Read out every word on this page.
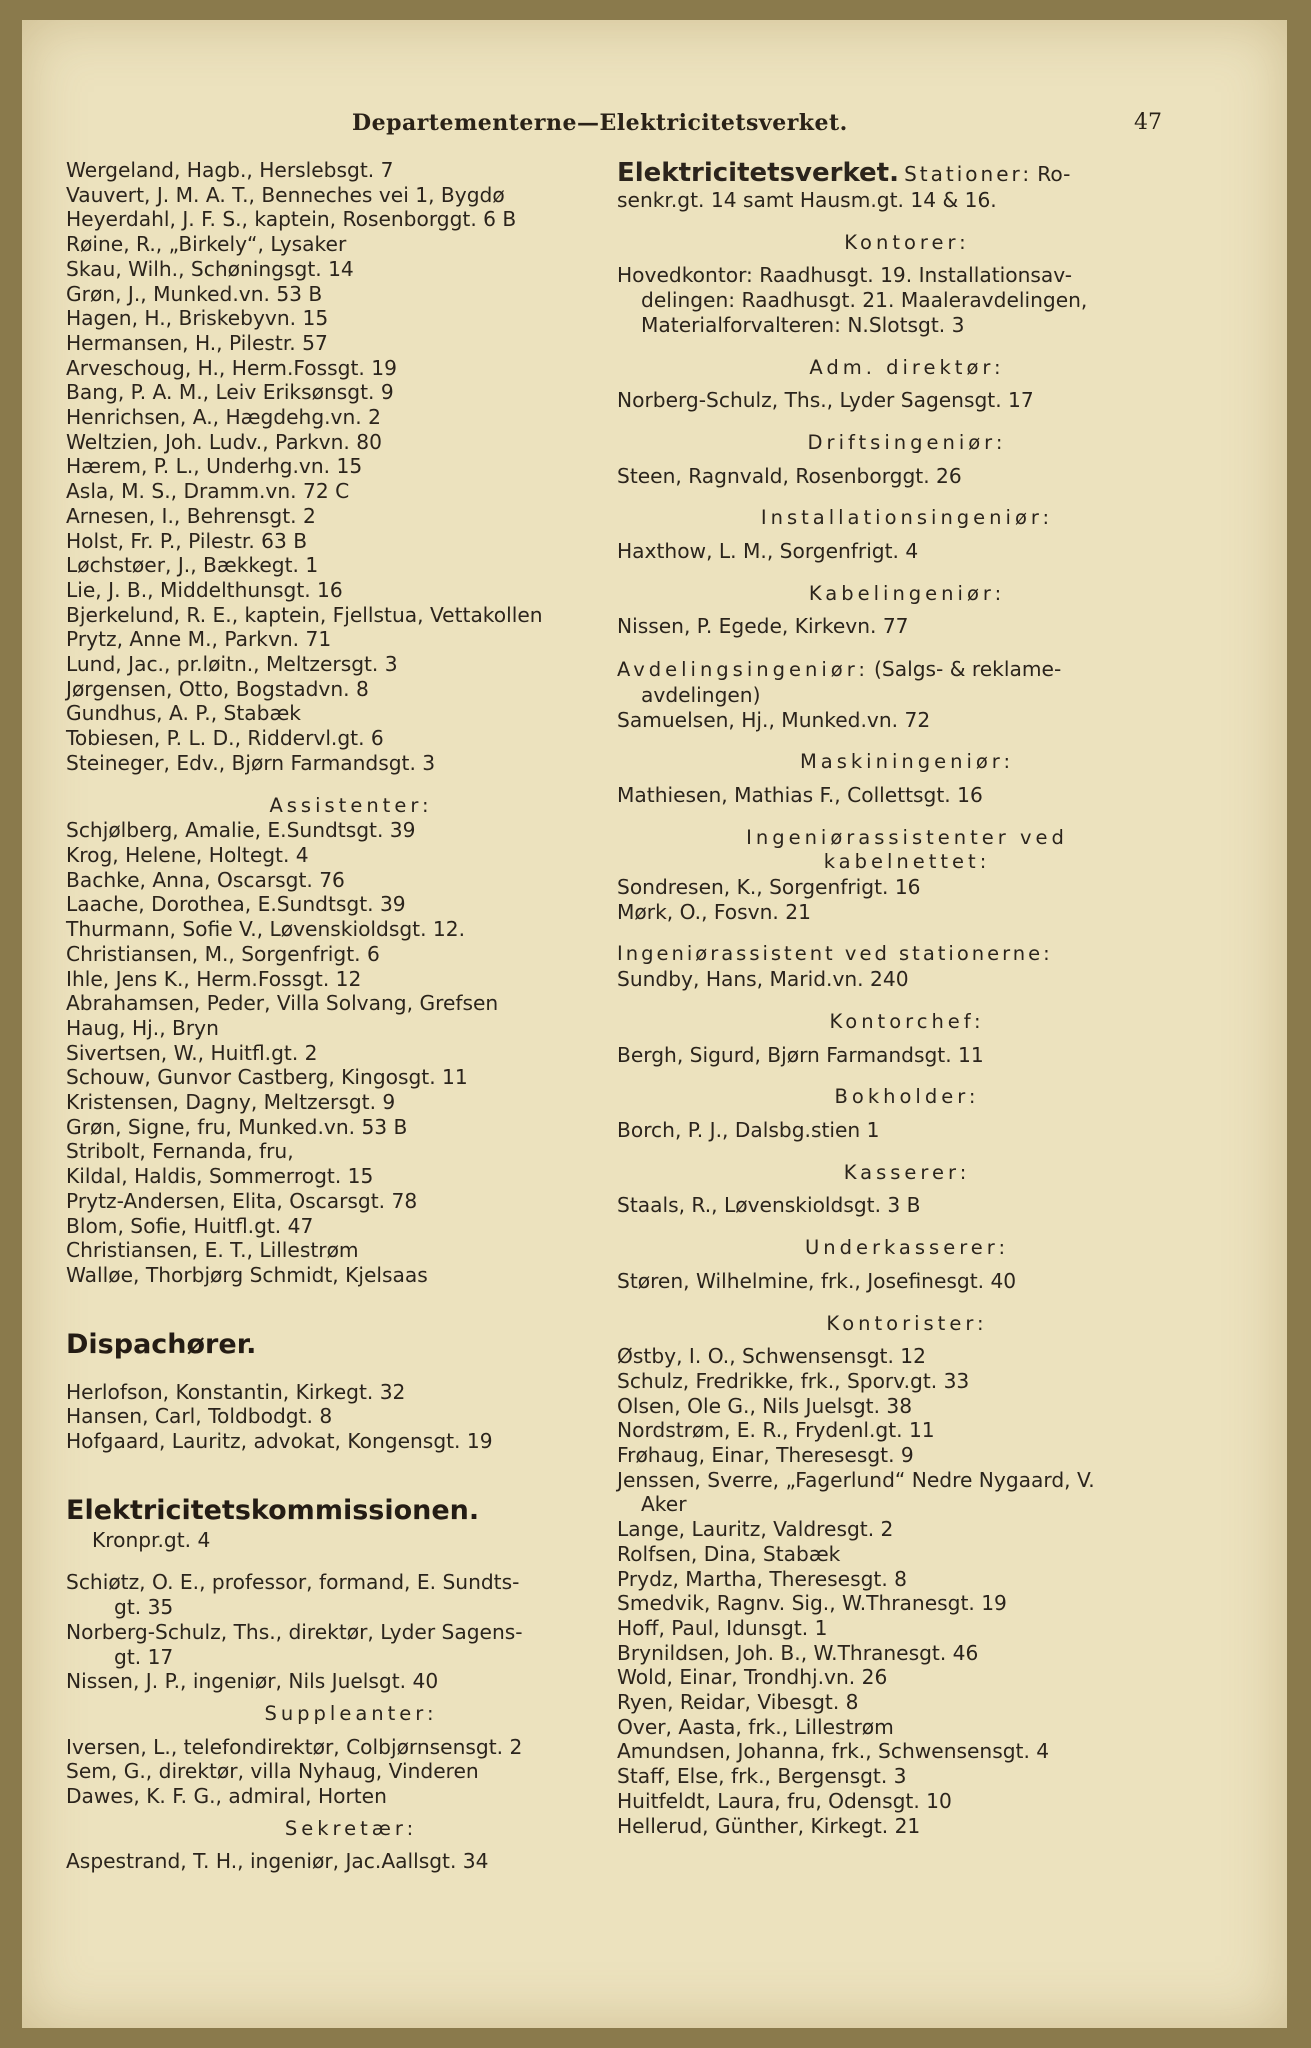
Departementerne—Elektricitetsverket.	47
Wergeland, Hagb., Herslebsgt. 7
Vauvert, J. M. A. T., Benneches vei 1, Bygdø
Heyerdahl, J. F. S., kaptein, Rosenborggt. 6 B
Røine, R., „Birkely“, Lysaker
Skau, Wilh., Schøningsgt. 14
Grøn, J., Munked.vn. 53 B
Hagen, H., Briskebyvn. 15
Hermansen, H., Pilestr. 57
Arveschoug, H., Herm.Fossgt. 19
Bang, P. A. M., Leiv Eriksønsgt. 9
Henrichsen, A., Hægdehg.vn. 2
Weltzien, Joh. Ludv., Parkvn. 80
Hærem, P. L., Underhg.vn. 15
Asla, M. S., Dramm.vn. 72 C
Arnesen, I., Behrensgt. 2
Holst, Fr. P., Pilestr. 63 B
Løchstøer, J., Bækkegt. 1
Lie, J. B., Middelthunsgt. 16
Bjerkelund, R. E., kaptein, Fjellstua, Vettakollen
Prytz, Anne M., Parkvn. 71
Lund, Jac., pr.løitn., Meltzersgt. 3
Jørgensen, Otto, Bogstadvn. 8
Gundhus, A. P., Stabæk
Tobiesen, P. L. D., Riddervl.gt. 6
Steineger, Edv., Bjørn Farmandsgt. 3
Assistenter:
Schjølberg, Amalie, E.Sundtsgt. 39
Krog, Helene, Holtegt. 4
Bachke, Anna, Oscarsgt. 76
Laache, Dorothea, E.Sundtsgt. 39
Thurmann, Sofie V., Løvenskioldsgt. 12.
Christiansen, M., Sorgenfrigt. 6
Ihle, Jens K., Herm.Fossgt. 12
Abrahamsen, Peder, Villa Solvang, Grefsen
Haug, Hj., Bryn
Sivertsen, W., Huitfl.gt. 2
Schouw, Gunvor Castberg, Kingosgt. 11
Kristensen, Dagny, Meltzersgt. 9
Grøn, Signe, fru, Munked.vn. 53 B
Stribolt, Fernanda, fru,
Kildal, Haldis, Sommerrogt. 15
Prytz-Andersen, Elita, Oscarsgt. 78
Blom, Sofie, Huitfl.gt. 47
Christiansen, E. T., Lillestrøm
Walløe, Thorbjørg Schmidt, Kjelsaas
Dispachører.
Herlofson, Konstantin, Kirkegt. 32
Hansen, Carl, Toldbodgt. 8
Hofgaard, Lauritz, advokat, Kongensgt. 19
Elektricitetskommissionen.
Kronpr.gt. 4
Schiøtz, O. E., professor, formand, E. Sundts-
gt. 35
Norberg-Schulz, Ths., direktør, Lyder Sagens-
gt. 17
Nissen, J. P., ingeniør, Nils Juelsgt. 40
Suppleanter:
Iversen, L., telefondirektør, Colbjørnsensgt. 2
Sem, G., direktør, villa Nyhaug, Vinderen
Dawes, K. F. G., admiral, Horten
Sekretær:
Aspestrand, T. H., ingeniør, Jac.Aallsgt. 34
Elektricitetsverket. Stationer: Ro-
senkr.gt. 14 samt Hausm.gt. 14 & 16.
Kontorer:
Hovedkontor: Raadhusgt. 19. Installationsav-
delingen: Raadhusgt. 21. Maaleravdelingen,
Materialforvalteren: N.Slotsgt. 3
Adm. direktør:
Norberg-Schulz, Ths., Lyder Sagensgt. 17
Driftsingeniør:
Steen, Ragnvald, Rosenborggt. 26
Installationsingeniør:
Haxthow, L. M., Sorgenfrigt. 4
Kabelingeniør:
Nissen, P. Egede, Kirkevn. 77
Avdelingsingeniør: (Salgs- & reklame-
avdelingen)
Samuelsen, Hj., Munked.vn. 72
Maskiningeniør:
Mathiesen, Mathias F., Collettsgt. 16
Ingeniørassistenter ved
kabelnettet:
Sondresen, K., Sorgenfrigt. 16
Mørk, O., Fosvn. 21
Ingeniørassistent ved stationerne:
Sundby, Hans, Marid.vn. 240
Kontorchef:
Bergh, Sigurd, Bjørn Farmandsgt. 11
Bokholder:
Borch, P. J., Dalsbg.stien 1
Kasserer:
Staals, R., Løvenskioldsgt. 3 B
Underkasserer:
Støren, Wilhelmine, frk., Josefinesgt. 40
Kontorister:
Østby, I. O., Schwensensgt. 12
Schulz, Fredrikke, frk., Sporv.gt. 33
Olsen, Ole G., Nils Juelsgt. 38
Nordstrøm, E. R., Frydenl.gt. 11
Frøhaug, Einar, Theresesgt. 9
Jenssen, Sverre, „Fagerlund“ Nedre Nygaard, V.
Aker
Lange, Lauritz, Valdresgt. 2
Rolfsen, Dina, Stabæk
Prydz, Martha, Theresesgt. 8
Smedvik, Ragnv. Sig., W.Thranesgt. 19
Hoff, Paul, Idunsgt. 1
Brynildsen, Joh. B., W.Thranesgt. 46
Wold, Einar, Trondhj.vn. 26
Ryen, Reidar, Vibesgt. 8
Over, Aasta, frk., Lillestrøm
Amundsen, Johanna, frk., Schwensensgt. 4
Staff, Else, frk., Bergensgt. 3
Huitfeldt, Laura, fru, Odensgt. 10
Hellerud, Günther, Kirkegt. 21
